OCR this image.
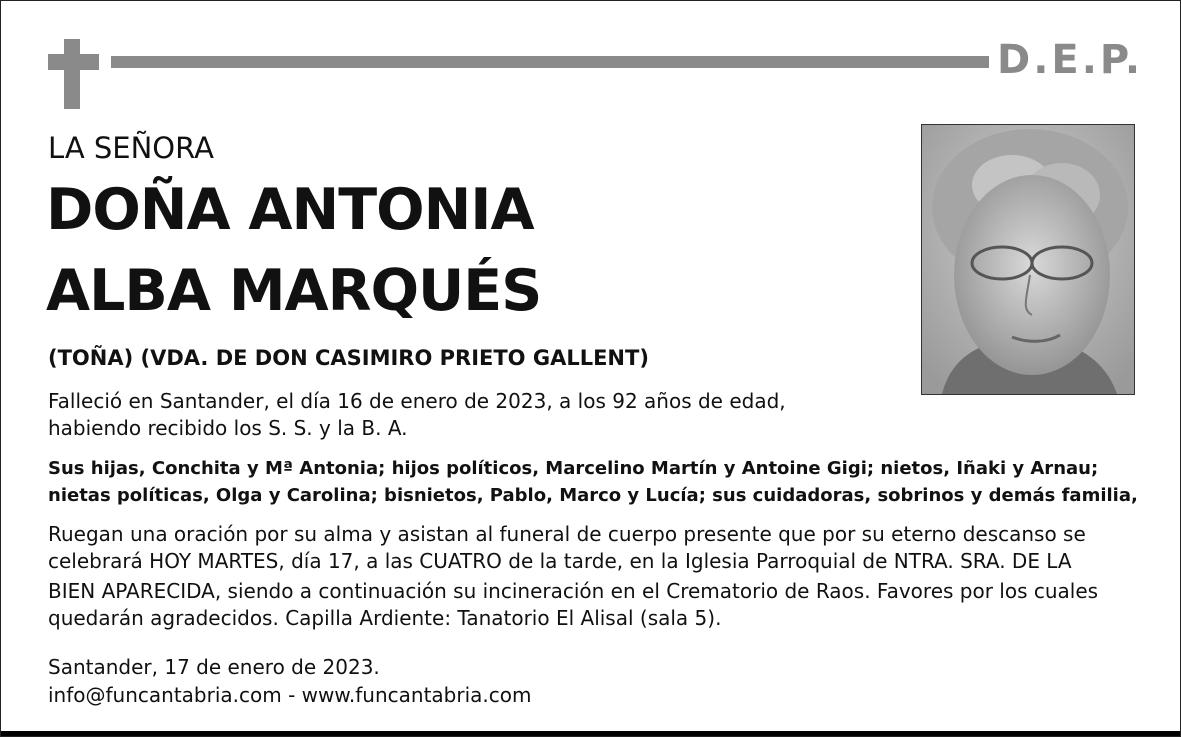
D.E.P.
LA SEÑORA
DOÑA ANTONIA
ALBA MARQUÉS
(TOÑA) (VDA. DE DON CASIMIRO PRIETO GALLENT)
Falleció en Santander, el día 16 de enero de 2023, a los 92 años de edad,
habiendo recibido los S. S. y la B. A.
Sus hijas, Conchita y Mª Antonia; hijos políticos, Marcelino Martín y Antoine Gigi; nietos, Iñaki y Arnau;
nietas políticas, Olga y Carolina; bisnietos, Pablo, Marco y Lucía; sus cuidadoras, sobrinos y demás familia,
Ruegan una oración por su alma y asistan al funeral de cuerpo presente que por su eterno descanso se
celebrará HOY MARTES, día 17, a las CUATRO de la tarde, en la Iglesia Parroquial de NTRA. SRA. DE LA
BIEN APARECIDA, siendo a continuación su incineración en el Crematorio de Raos. Favores por los cuales
quedarán agradecidos. Capilla Ardiente: Tanatorio El Alisal (sala 5).
Santander, 17 de enero de 2023.
info@funcantabria.com - www.funcantabria.com
